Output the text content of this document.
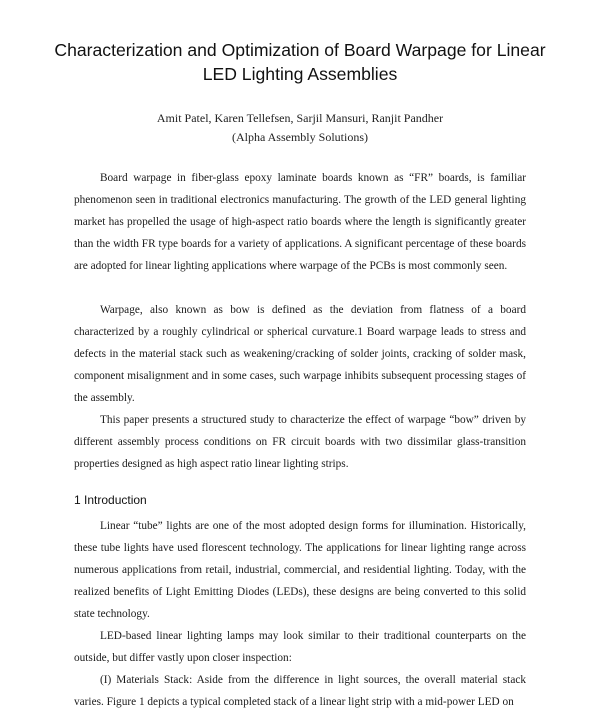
Characterization and Optimization of Board Warpage for Linear LED Lighting Assemblies
Amit Patel, Karen Tellefsen, Sarjil Mansuri, Ranjit Pandher
(Alpha Assembly Solutions)

Board warpage in fiber-glass epoxy laminate boards known as “FR” boards, is familiar phenomenon seen in traditional electronics manufacturing. The growth of the LED general lighting market has propelled the usage of high-aspect ratio boards where the length is significantly greater than the width FR type boards for a variety of applications. A significant percentage of these boards are adopted for linear lighting applications where warpage of the PCBs is most commonly seen.

Warpage, also known as bow is defined as the deviation from flatness of a board characterized by a roughly cylindrical or spherical curvature.1 Board warpage leads to stress and defects in the material stack such as weakening/cracking of solder joints, cracking of solder mask, component misalignment and in some cases, such warpage inhibits subsequent processing stages of the assembly.

This paper presents a structured study to characterize the effect of warpage “bow” driven by different assembly process conditions on FR circuit boards with two dissimilar glass-transition properties designed as high aspect ratio linear lighting strips.

1 Introduction

Linear “tube” lights are one of the most adopted design forms for illumination. Historically, these tube lights have used florescent technology. The applications for linear lighting range across numerous applications from retail, industrial, commercial, and residential lighting. Today, with the realized benefits of Light Emitting Diodes (LEDs), these designs are being converted to this solid state technology.

LED-based linear lighting lamps may look similar to their traditional counterparts on the outside, but differ vastly upon closer inspection:

(I) Materials Stack: Aside from the difference in light sources, the overall material stack varies. Figure 1 depicts a typical completed stack of a linear light strip with a mid-power LED on
